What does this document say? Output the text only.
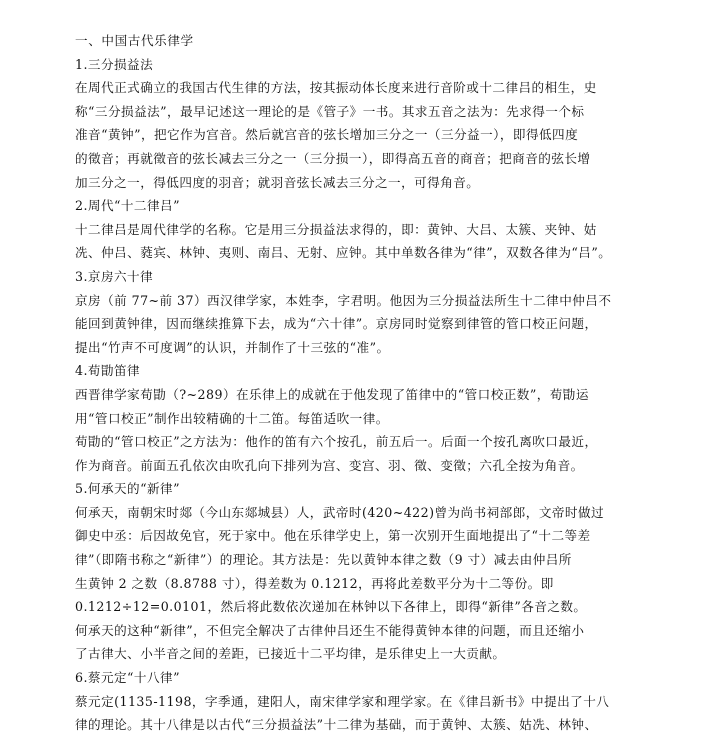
一、中国古代乐律学
1.三分损益法
在周代正式确立的我国古代生律的方法，按其振动体长度来进行音阶或十二律吕的相生，史
称“三分损益法”，最早记述这一理论的是《管子》一书。其求五音之法为：先求得一个标
准音“黄钟”，把它作为宫音。然后就宫音的弦长增加三分之一（三分益一），即得低四度
的徵音；再就徵音的弦长减去三分之一（三分损一），即得高五音的商音；把商音的弦长增
加三分之一，得低四度的羽音；就羽音弦长减去三分之一，可得角音。
2.周代“十二律吕”
十二律吕是周代律学的名称。它是用三分损益法求得的，即：黄钟、大吕、太簇、夹钟、姑
冼、仲吕、蕤宾、林钟、夷则、南吕、无射、应钟。其中单数各律为“律”，双数各律为“吕”。
3.京房六十律
京房（前 77~前 37）西汉律学家，本姓李，字君明。他因为三分损益法所生十二律中仲吕不
能回到黄钟律，因而继续推算下去，成为“六十律”。京房同时觉察到律管的管口校正问题，
提出“竹声不可度调”的认识，并制作了十三弦的“准”。
4.荀勖笛律
西晋律学家荀勖（?~289）在乐律上的成就在于他发现了笛律中的“管口校正数”，荀勖运
用“管口校正”制作出较精确的十二笛。每笛适吹一律。
荀勖的“管口校正”之方法为：他作的笛有六个按孔，前五后一。后面一个按孔离吹口最近，
作为商音。前面五孔依次由吹孔向下排列为宫、变宫、羽、徵、变徵；六孔全按为角音。
5.何承天的“新律”
何承天，南朝宋时郯（今山东郯城县）人，武帝时(420~422)曾为尚书祠部郎，文帝时做过
御史中丞：后因故免官，死于家中。他在乐律学史上，第一次别开生面地提出了“十二等差
律”（即隋书称之“新律”）的理论。其方法是：先以黄钟本律之数（9 寸）减去由仲吕所
生黄钟 2 之数（8.8788 寸），得差数为 0.1212，再将此差数平分为十二等份。即
0.1212÷12=0.0101，然后将此数依次递加在林钟以下各律上，即得“新律”各音之数。
何承天的这种“新律”，不但完全解决了古律仲吕还生不能得黄钟本律的问题，而且还缩小
了古律大、小半音之间的差距，已接近十二平均律，是乐律史上一大贡献。
6.蔡元定“十八律”
蔡元定(1135-1198，字季通，建阳人，南宋律学家和理学家。在《律吕新书》中提出了十八
律的理论。其十八律是以古代“三分损益法”十二律为基础，而于黄钟、太簇、姑冼、林钟、
